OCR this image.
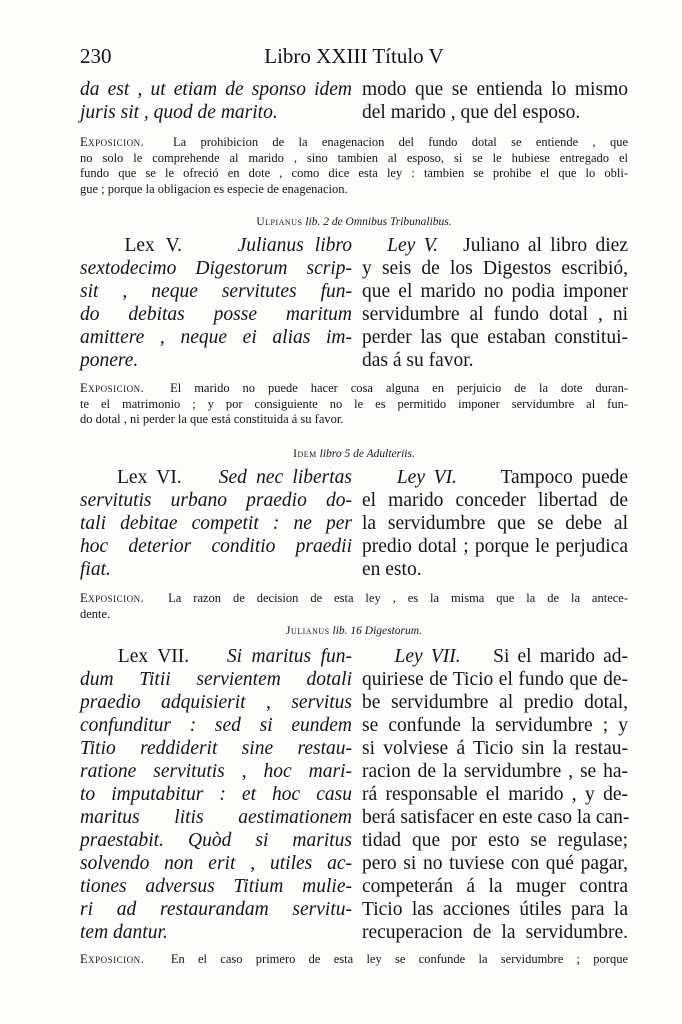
230	Libro XXIII Título V
da est , ut etiam de sponso idem
juris sit , quod de marito.
modo que se entienda lo mismo
del marido , que del esposo.
Exposicion. La prohibicion de la enagenacion del fundo dotal se entiende , que
no solo le comprehende al marido , sino tambien al esposo, si se le hubiese entregado el
fundo que se le ofreció en dote , como dice esta ley : tambien se prohibe el que lo obli-
gue ; porque la obligacion es especie de enagenacion.
Ulpianus lib. 2 de Omnibus Tribunalibus.
Lex V.	Julianus libro
sextodecimo Digestorum scrip-
sit , neque servitutes fun-
do debitas posse maritum
amittere , neque ei alias im-
ponere.
Ley V. Juliano al libro diez
y seis de los Digestos escribió,
que el marido no podia imponer
servidumbre al fundo dotal , ni
perder las que estaban constitui-
das á su favor.
Exposicion. El marido no puede hacer cosa alguna en perjuicio de la dote duran-
te el matrimonio ; y por consiguiente no le es permitido imponer servidumbre al fun-
do dotal , ni perder la que está constituida á su favor.
Idem libro 5 de Adulteriis.
Lex VI. Sed nec libertas
servitutis urbano praedio do-
tali debitae competit : ne per
hoc deterior conditio praedii
fiat.
Ley VI. Tampoco puede
el marido conceder libertad de
la servidumbre que se debe al
predio dotal ; porque le perjudica
en esto.
Exposicion. La razon de decision de esta ley , es la misma que la de la antece-
dente.
Julianus lib. 16 Digestorum.
Lex VII. Si maritus fun-
dum Titii servientem dotali
praedio adquisierit , servitus
confunditur : sed si eundem
Titio reddiderit sine restau-
ratione servitutis , hoc mari-
to imputabitur : et hoc casu
maritus litis aestimationem
praestabit. Quòd si maritus
solvendo non erit , utiles ac-
tiones adversus Titium mulie-
ri ad restaurandam servitu-
tem dantur.
Ley VII. Si el marido ad-
quiriese de Ticio el fundo que de-
be servidumbre al predio dotal,
se confunde la servidumbre ; y
si volviese á Ticio sin la restau-
racion de la servidumbre , se ha-
rá responsable el marido , y de-
berá satisfacer en este caso la can-
tidad que por esto se regulase;
pero si no tuviese con qué pagar,
competerán á la muger contra
Ticio las acciones útiles para la
recuperacion de la servidumbre.
Exposicion. En el caso primero de esta ley se confunde la servidumbre ; porque
